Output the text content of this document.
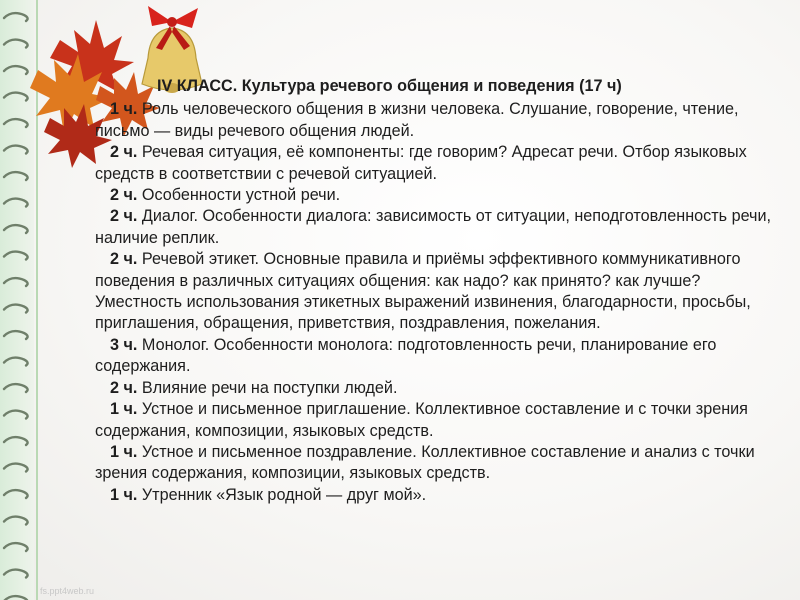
IV КЛАСС. Культура речевого общения и поведения (17 ч)

1 ч. Роль человеческого общения в жизни человека. Слушание, говорение, чтение, письмо — виды речевого общения людей.

2 ч. Речевая ситуация, её компоненты: где говорим? Адресат речи. Отбор языковых средств в соответствии с речевой ситуацией.

2 ч. Особенности устной речи.

2 ч. Диалог. Особенности диалога: зависимость от ситуации, неподготовленность речи, наличие реплик.

2 ч. Речевой этикет. Основные правила и приёмы эффективного коммуникативного поведения в различных ситуациях общения: как надо? как принято? как лучше? Уместность использования этикетных выражений извинения, благодарности, просьбы, приглашения, обращения, приветствия, поздравления, пожелания.

3 ч. Монолог. Особенности монолога: подготовленность речи, планирование его содержания.

2 ч. Влияние речи на поступки людей.

1 ч. Устное и письменное приглашение. Коллективное составление и с точки зрения содержания, композиции, языковых средств.

1 ч. Устное и письменное поздравление. Коллективное составление и анализ с точки зрения содержания, композиции, языковых средств.

1 ч. Утренник «Язык родной — друг мой».

fs.ppt4web.ru
